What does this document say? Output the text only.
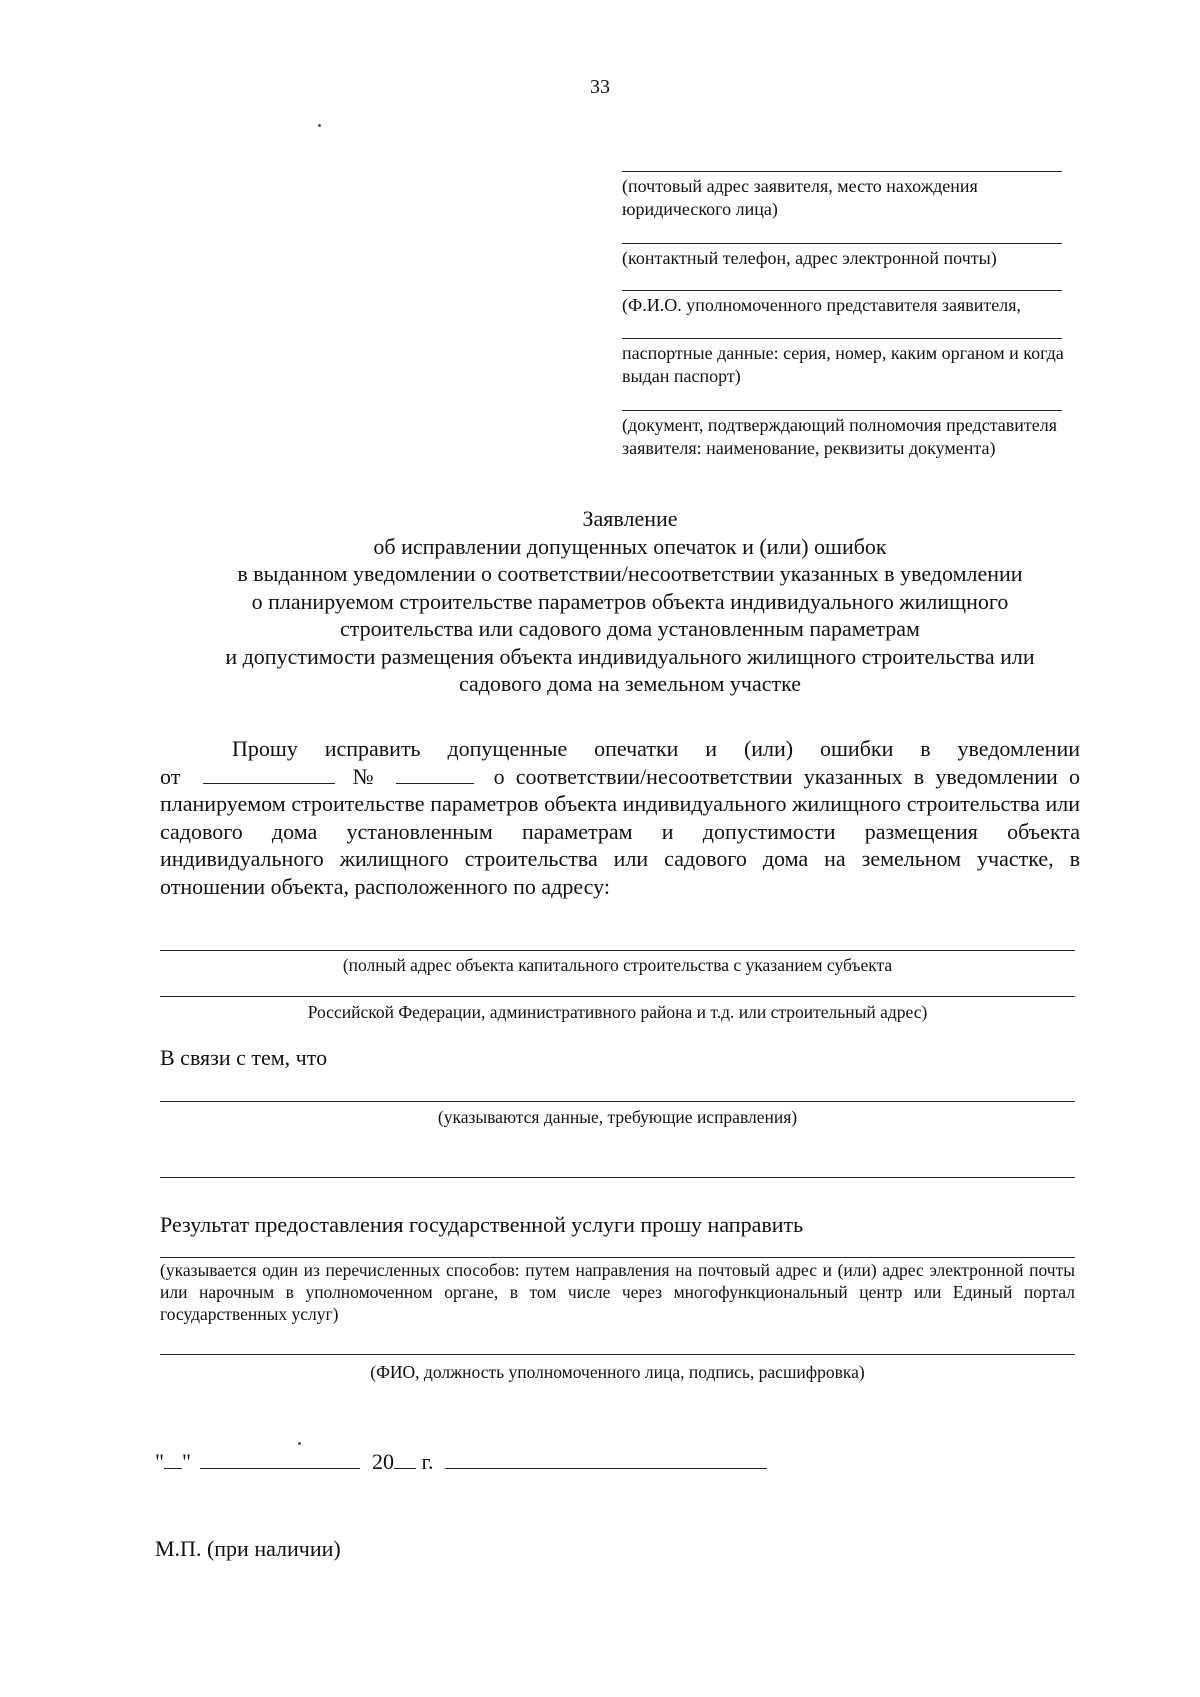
33
(почтовый адрес заявителя, место нахождения юридического лица)
(контактный телефон, адрес электронной почты)
(Ф.И.О. уполномоченного представителя заявителя,
паспортные данные: серия, номер, каким органом и когда выдан паспорт)
(документ, подтверждающий полномочия представителя заявителя: наименование, реквизиты документа)
Заявление
об исправлении допущенных опечаток и (или) ошибок
в выданном уведомлении о соответствии/несоответствии указанных в уведомлении
о планируемом строительстве параметров объекта индивидуального жилищного
строительства или садового дома установленным параметрам
и допустимости размещения объекта индивидуального жилищного строительства или
садового дома на земельном участке

Прошу исправить допущенные опечатки и (или) ошибки в уведомлении

от	№	о соответствии/несоответствии указанных в уведомлении о планируемом строительстве параметров объекта индивидуального жилищного строительства или садового дома установленным параметрам и допустимости размещения объекта индивидуального жилищного строительства или садового дома на земельном участке, в отношении объекта, расположенного по адресу:

(полный адрес объекта капитального строительства с указанием субъекта
Российской Федерации, административного района и т.д. или строительный адрес)
В связи с тем, что
(указываются данные, требующие исправления)
Результат предоставления государственной услуги прошу направить
(указывается один из перечисленных способов: путем направления на почтовый адрес и (или) адрес электронной почты или нарочным в уполномоченном органе, в том числе через многофункциональный центр или Единый портал государственных услуг)
(ФИО, должность уполномоченного лица, подпись, расшифровка)
" "	20 г.
М.П. (при наличии)
